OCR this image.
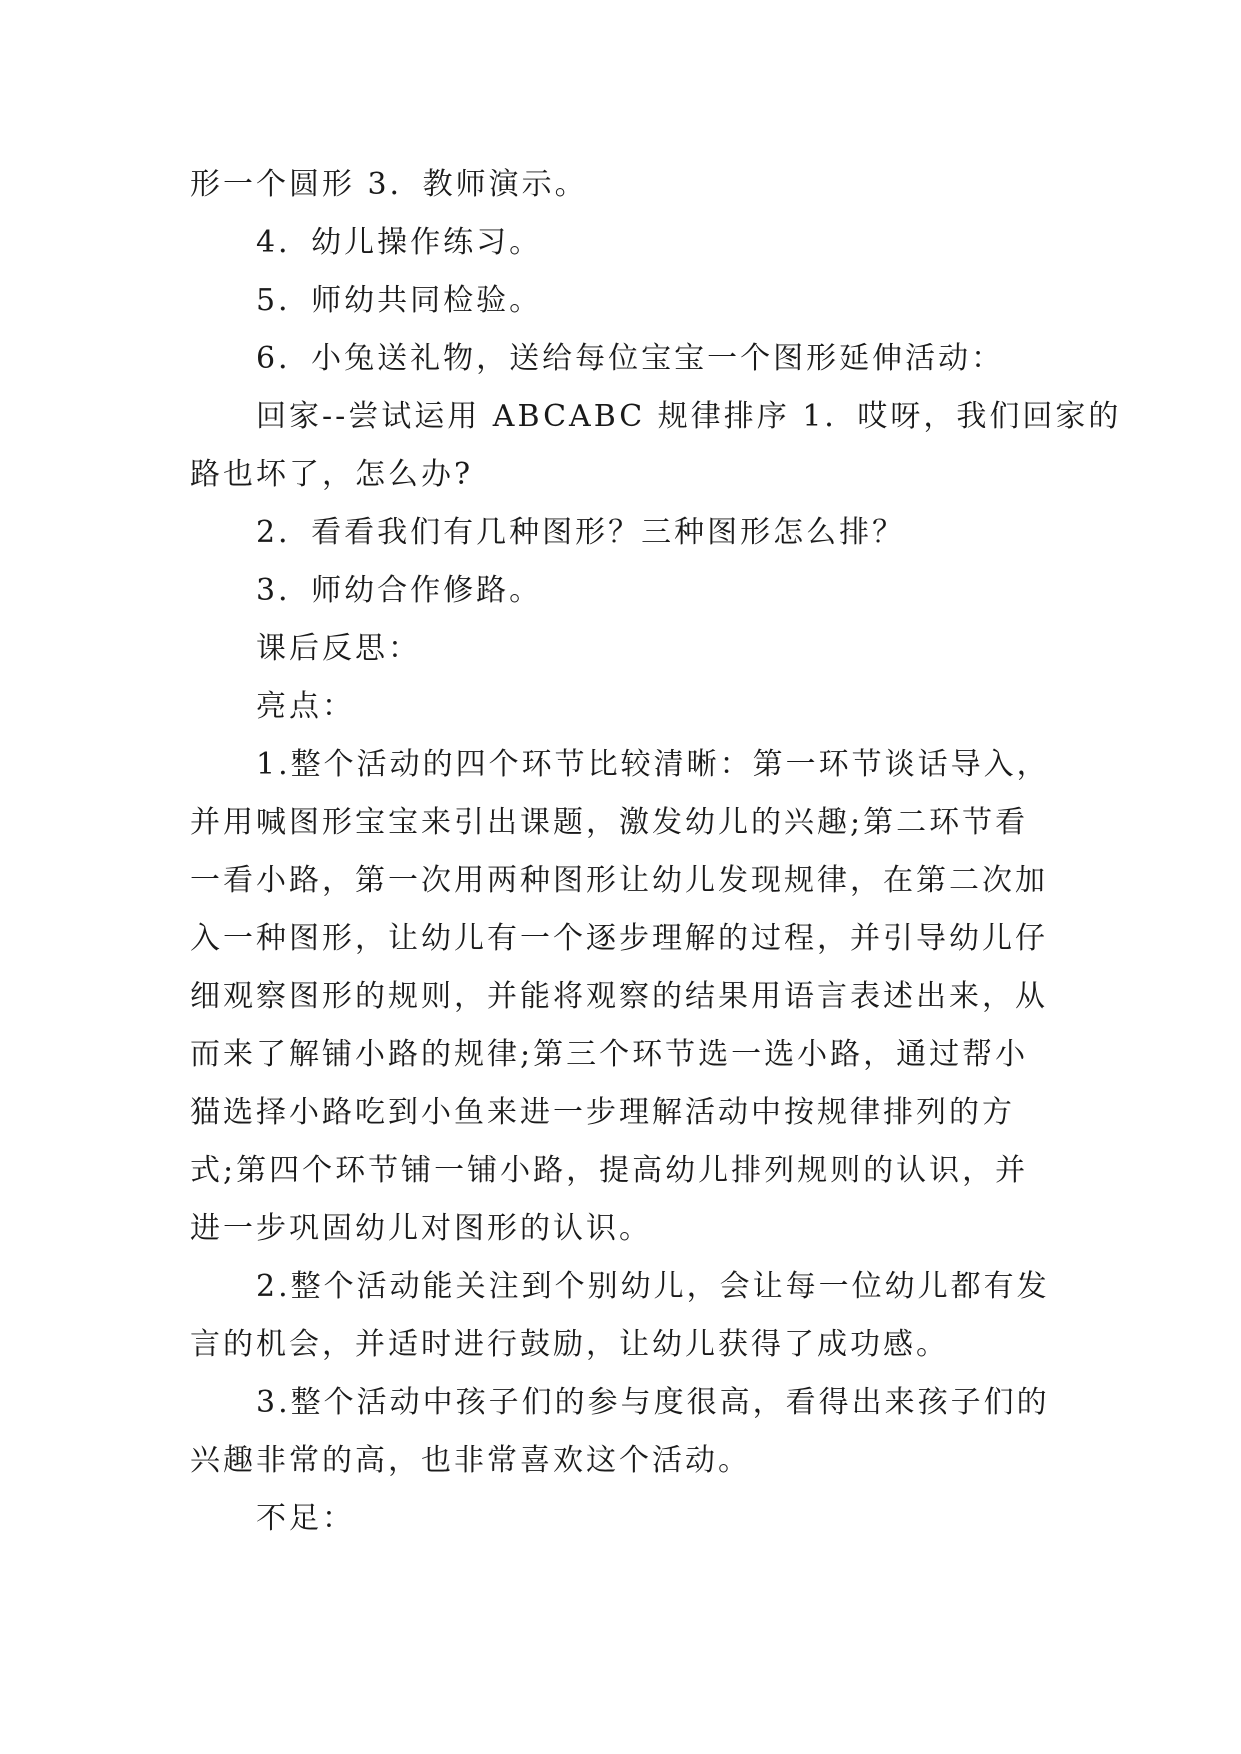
形一个圆形 3．教师演示。

4．幼儿操作练习。

5．师幼共同检验。

6．小兔送礼物，送给每位宝宝一个图形延伸活动：

回家--尝试运用 ABCABC 规律排序 1．哎呀，我们回家的

路也坏了，怎么办?

2．看看我们有几种图形？三种图形怎么排？

3．师幼合作修路。

课后反思：

亮点：

1.整个活动的四个环节比较清晰：第一环节谈话导入，

并用喊图形宝宝来引出课题，激发幼儿的兴趣;第二环节看

一看小路，第一次用两种图形让幼儿发现规律，在第二次加

入一种图形，让幼儿有一个逐步理解的过程，并引导幼儿仔

细观察图形的规则，并能将观察的结果用语言表述出来，从

而来了解铺小路的规律;第三个环节选一选小路，通过帮小

猫选择小路吃到小鱼来进一步理解活动中按规律排列的方

式;第四个环节铺一铺小路，提高幼儿排列规则的认识，并

进一步巩固幼儿对图形的认识。

2.整个活动能关注到个别幼儿，会让每一位幼儿都有发

言的机会，并适时进行鼓励，让幼儿获得了成功感。

3.整个活动中孩子们的参与度很高，看得出来孩子们的

兴趣非常的高，也非常喜欢这个活动。

不足：
